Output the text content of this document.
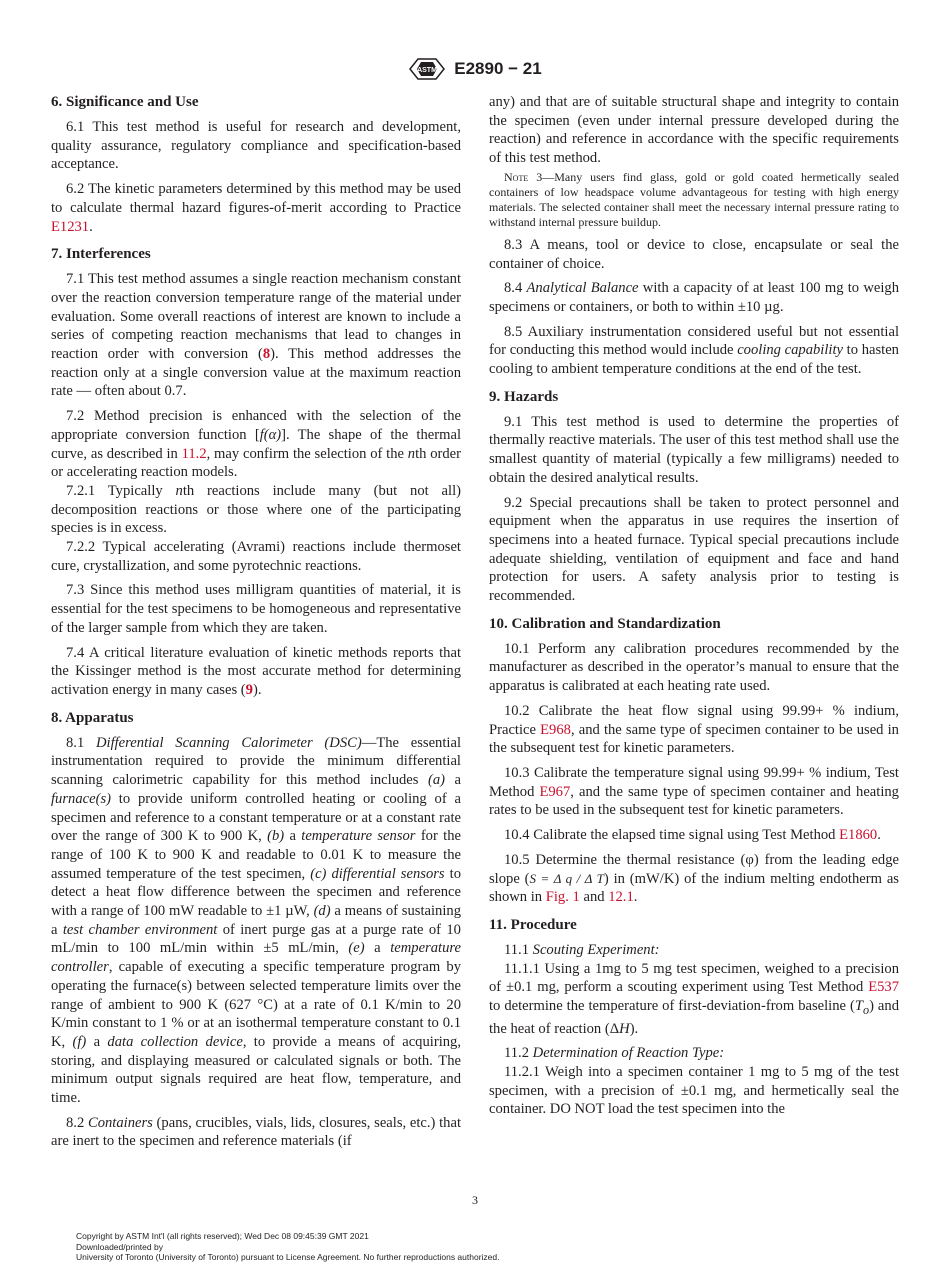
ASTM E2890 − 21
6. Significance and Use

6.1 This test method is useful for research and development, quality assurance, regulatory compliance and specification-based acceptance.

6.2 The kinetic parameters determined by this method may be used to calculate thermal hazard figures-of-merit according to Practice E1231.

7. Interferences

7.1 This test method assumes a single reaction mechanism constant over the reaction conversion temperature range of the material under evaluation. Some overall reactions of interest are known to include a series of competing reaction mechanisms that lead to changes in reaction order with conversion (8). This method addresses the reaction only at a single conversion value at the maximum reaction rate — often about 0.7.

7.2 Method precision is enhanced with the selection of the appropriate conversion function [f(α)]. The shape of the thermal curve, as described in 11.2, may confirm the selection of the nth order or accelerating reaction models.

7.2.1 Typically nth reactions include many (but not all) decomposition reactions or those where one of the participating species is in excess.

7.2.2 Typical accelerating (Avrami) reactions include thermoset cure, crystallization, and some pyrotechnic reactions.

7.3 Since this method uses milligram quantities of material, it is essential for the test specimens to be homogeneous and representative of the larger sample from which they are taken.

7.4 A critical literature evaluation of kinetic methods reports that the Kissinger method is the most accurate method for determining activation energy in many cases (9).

8. Apparatus

8.1 Differential Scanning Calorimeter (DSC)—The essential instrumentation required to provide the minimum differential scanning calorimetric capability for this method includes (a) a furnace(s) to provide uniform controlled heating or cooling of a specimen and reference to a constant temperature or at a constant rate over the range of 300 K to 900 K, (b) a temperature sensor for the range of 100 K to 900 K and readable to 0.01 K to measure the assumed temperature of the test specimen, (c) differential sensors to detect a heat flow difference between the specimen and reference with a range of 100 mW readable to ±1 µW, (d) a means of sustaining a test chamber environment of inert purge gas at a purge rate of 10 mL/min to 100 mL/min within ±5 mL/min, (e) a temperature controller, capable of executing a specific temperature program by operating the furnace(s) between selected temperature limits over the range of ambient to 900 K (627 °C) at a rate of 0.1 K/min to 20 K/min constant to 1 % or at an isothermal temperature constant to 0.1 K, (f) a data collection device, to provide a means of acquiring, storing, and displaying measured or calculated signals or both. The minimum output signals required are heat flow, temperature, and time.

8.2 Containers (pans, crucibles, vials, lids, closures, seals, etc.) that are inert to the specimen and reference materials (if

any) and that are of suitable structural shape and integrity to contain the specimen (even under internal pressure developed during the reaction) and reference in accordance with the specific requirements of this test method.

Note 3—Many users find glass, gold or gold coated hermetically sealed containers of low headspace volume advantageous for testing with high energy materials. The selected container shall meet the necessary internal pressure rating to withstand internal pressure buildup.

8.3 A means, tool or device to close, encapsulate or seal the container of choice.

8.4 Analytical Balance with a capacity of at least 100 mg to weigh specimens or containers, or both to within ±10 µg.

8.5 Auxiliary instrumentation considered useful but not essential for conducting this method would include cooling capability to hasten cooling to ambient temperature conditions at the end of the test.

9. Hazards

9.1 This test method is used to determine the properties of thermally reactive materials. The user of this test method shall use the smallest quantity of material (typically a few milligrams) needed to obtain the desired analytical results.

9.2 Special precautions shall be taken to protect personnel and equipment when the apparatus in use requires the insertion of specimens into a heated furnace. Typical special precautions include adequate shielding, ventilation of equipment and face and hand protection for users. A safety analysis prior to testing is recommended.

10. Calibration and Standardization

10.1 Perform any calibration procedures recommended by the manufacturer as described in the operator’s manual to ensure that the apparatus is calibrated at each heating rate used.

10.2 Calibrate the heat flow signal using 99.99+ % indium, Practice E968, and the same type of specimen container to be used in the subsequent test for kinetic parameters.

10.3 Calibrate the temperature signal using 99.99+ % indium, Test Method E967, and the same type of specimen container and heating rates to be used in the subsequent test for kinetic parameters.

10.4 Calibrate the elapsed time signal using Test Method E1860.

10.5 Determine the thermal resistance (φ) from the leading edge slope (S = Δ q / Δ T) in (mW/K) of the indium melting endotherm as shown in Fig. 1 and 12.1.

11. Procedure

11.1 Scouting Experiment:

11.1.1 Using a 1mg to 5 mg test specimen, weighed to a precision of ±0.1 mg, perform a scouting experiment using Test Method E537 to determine the temperature of first-deviation-from baseline $(T_o)$ and the heat of reaction (ΔH).

11.2 Determination of Reaction Type:

11.2.1 Weigh into a specimen container 1 mg to 5 mg of the test specimen, with a precision of ±0.1 mg, and hermetically seal the container. DO NOT load the test specimen into the

3
Copyright by ASTM Int'l (all rights reserved); Wed Dec 08 09:45:39 GMT 2021
Downloaded/printed by
University of Toronto (University of Toronto) pursuant to License Agreement. No further reproductions authorized.
